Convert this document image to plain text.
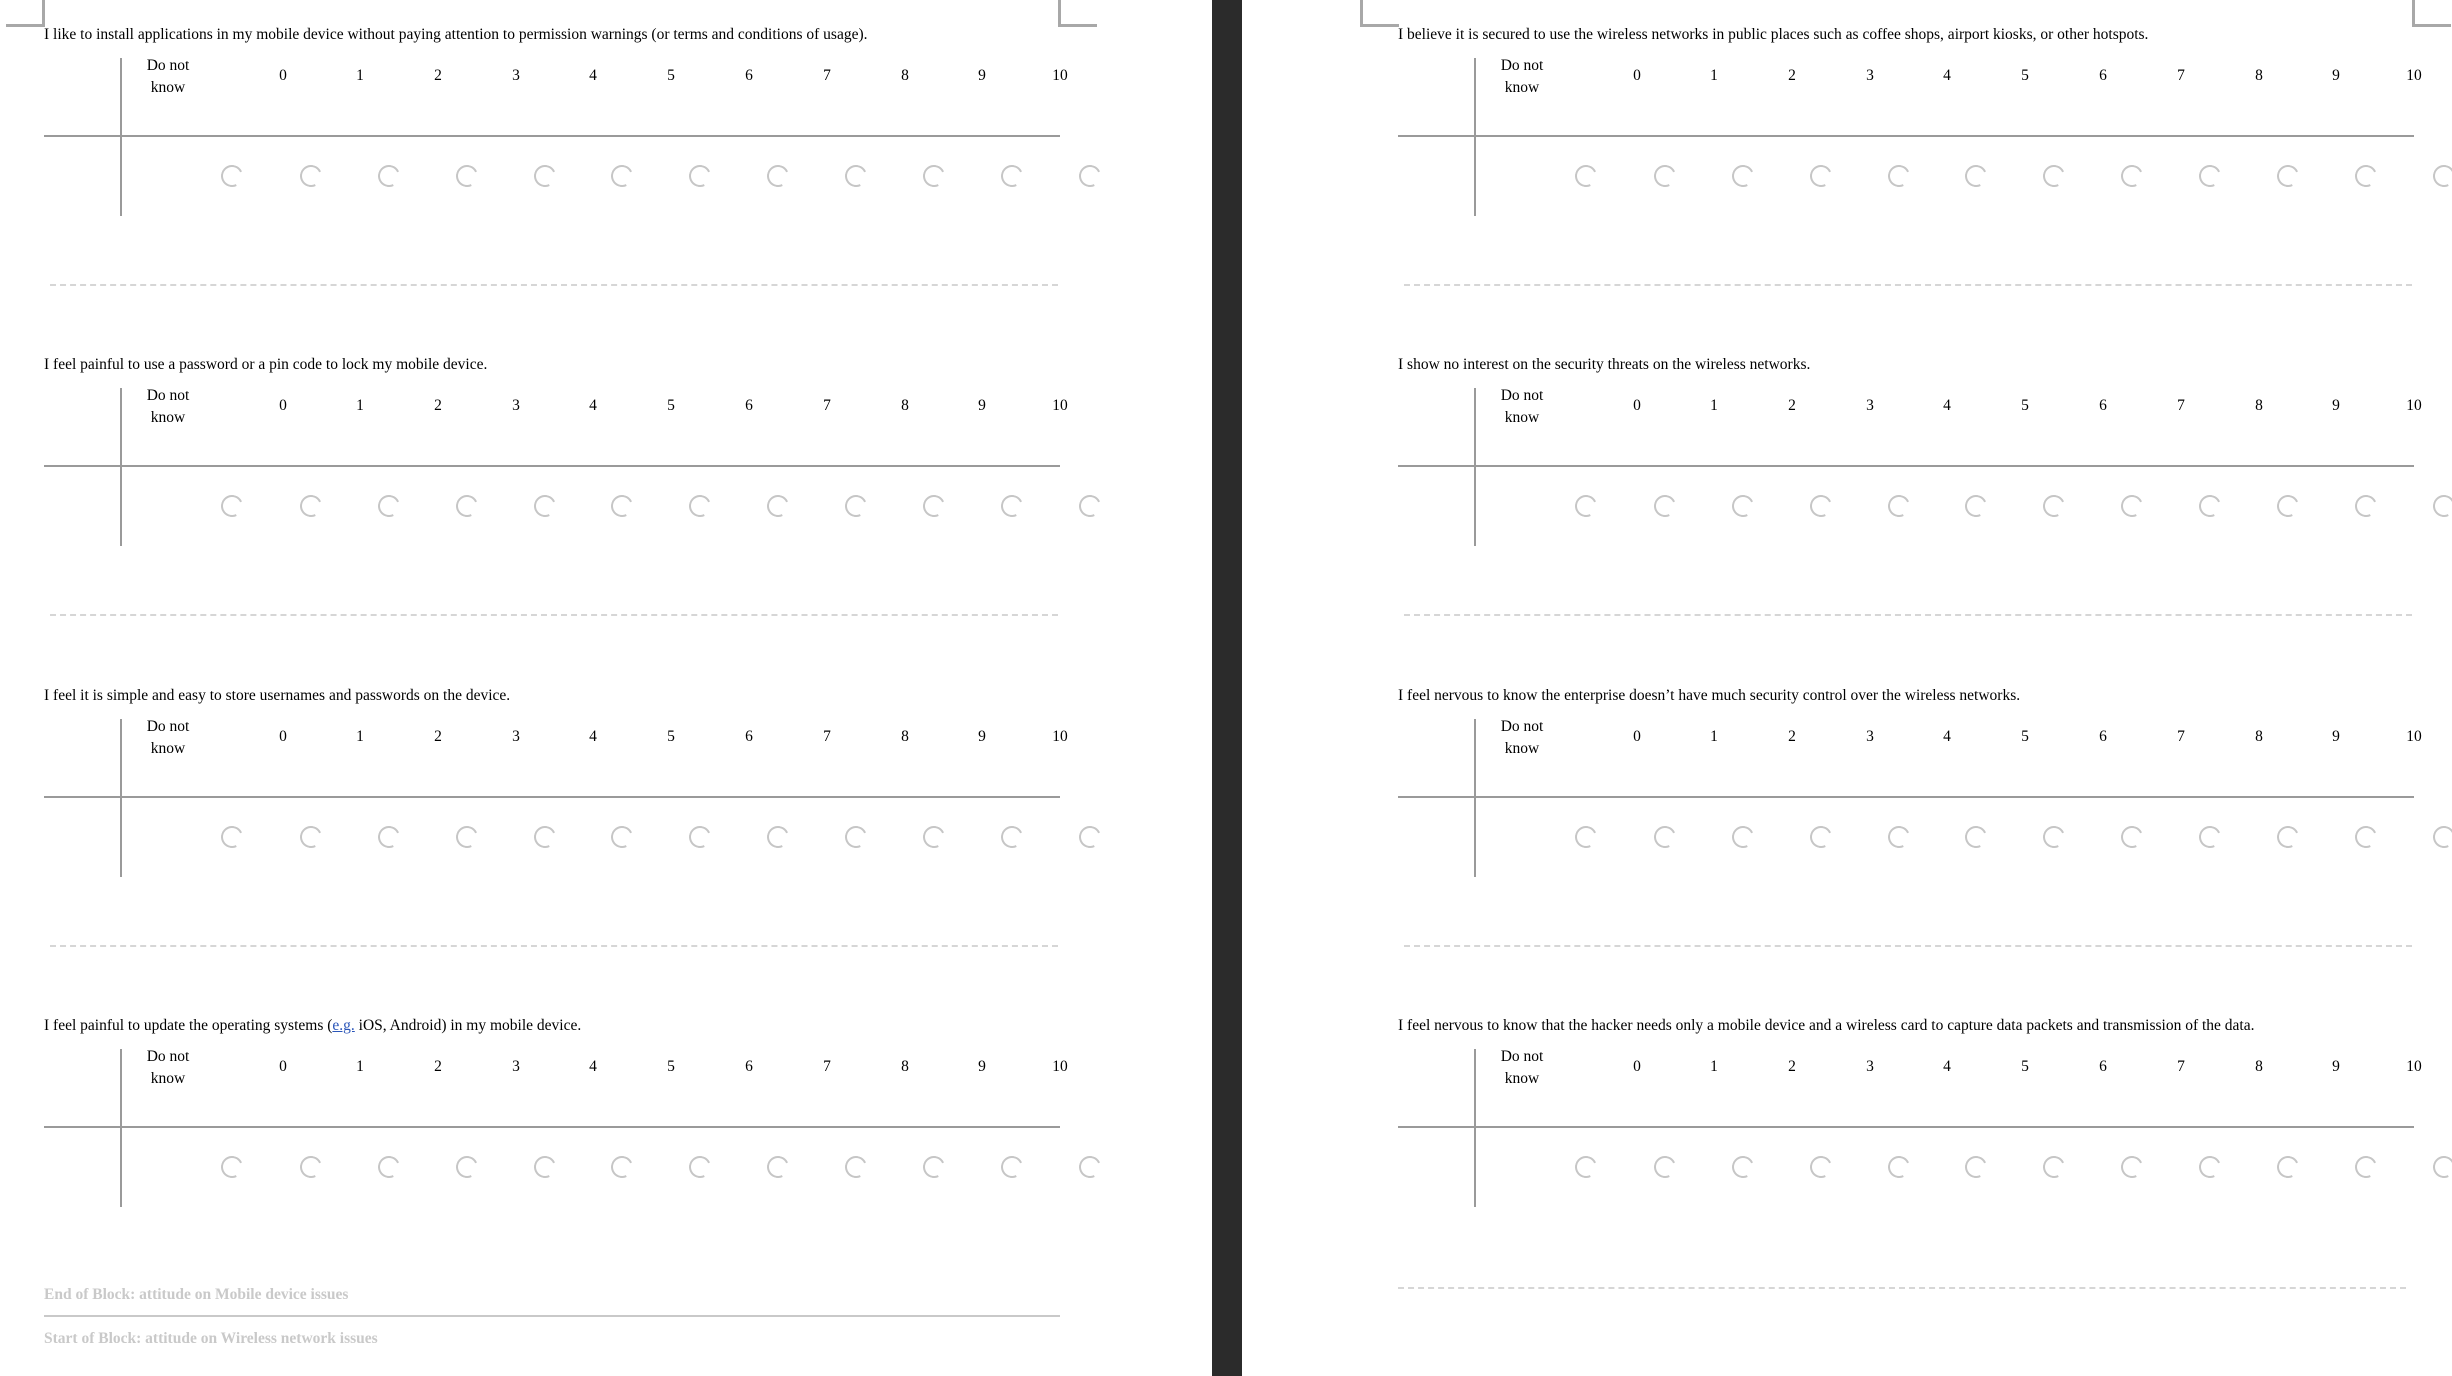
I like to install applications in my mobile device without paying attention to permission warnings (or terms and conditions of usage).
Do not
know
0	1	2	3	4	5	6	7	8	9	10
I feel painful to use a password or a pin code to lock my mobile device.
Do not
know
0	1	2	3	4	5	6	7	8	9	10
I feel it is simple and easy to store usernames and passwords on the device.
Do not
know
0	1	2	3	4	5	6	7	8	9	10
I feel painful to update the operating systems (e.g. iOS, Android) in my mobile device.
Do not
know
0	1	2	3	4	5	6	7	8	9	10
I believe it is secured to use the wireless networks in public places such as coffee shops, airport kiosks, or other hotspots.
Do not
know
0	1	2	3	4	5	6	7	8	9	10
I show no interest on the security threats on the wireless networks.
Do not
know
0	1	2	3	4	5	6	7	8	9	10
I feel nervous to know the enterprise doesn’t have much security control over the wireless networks.
Do not
know
0	1	2	3	4	5	6	7	8	9	10
I feel nervous to know that the hacker needs only a mobile device and a wireless card to capture data packets and transmission of the data.
Do not
know
0	1	2	3	4	5	6	7	8	9	10
End of Block: attitude on Mobile device issues
Start of Block: attitude on Wireless network issues
